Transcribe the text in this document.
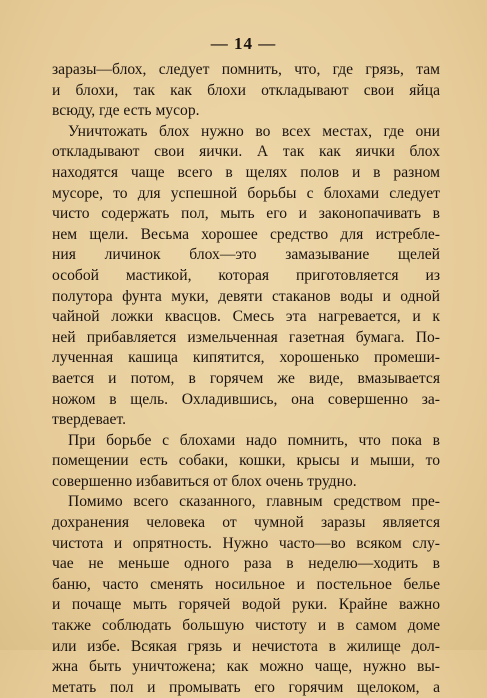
— 14 —
заразы—блох, следует помнить, что, где грязь, там
и блохи, так как блохи откладывают свои яйца
всюду, где есть мусор.
Уничтожать блох нужно во всех местах, где они
откладывают свои яички. А так как яички блох
находятся чаще всего в щелях полов и в разном
мусоре, то для успешной борьбы с блохами следует
чисто содержать пол, мыть его и законопачивать в
нем щели. Весьма хорошее средство для истребле-
ния личинок блох—это замазывание щелей
особой мастикой, которая приготовляется из
полутора фунта муки, девяти стаканов воды и одной
чайной ложки квасцов. Смесь эта нагревается, и к
ней прибавляется измельченная газетная бумага. По-
лученная кашица кипятится, хорошенько промеши-
вается и потом, в горячем же виде, вмазывается
ножом в щель. Охладившись, она совершенно за-
твердевает.
При борьбе с блохами надо помнить, что пока в
помещении есть собаки, кошки, крысы и мыши, то
совершенно избавиться от блох очень трудно.
Помимо всего сказанного, главным средством пре-
дохранения человека от чумной заразы является
чистота и опрятность. Нужно часто—во всяком слу-
чае не меньше одного раза в неделю—ходить в
баню, часто сменять носильное и постельное белье
и почаще мыть горячей водой руки. Крайне важно
также соблюдать большую чистоту и в самом доме
или избе. Всякая грязь и нечистота в жилище дол-
жна быть уничтожена; как можно чаще, нужно вы-
метать пол и промывать его горячим щелоком, а
